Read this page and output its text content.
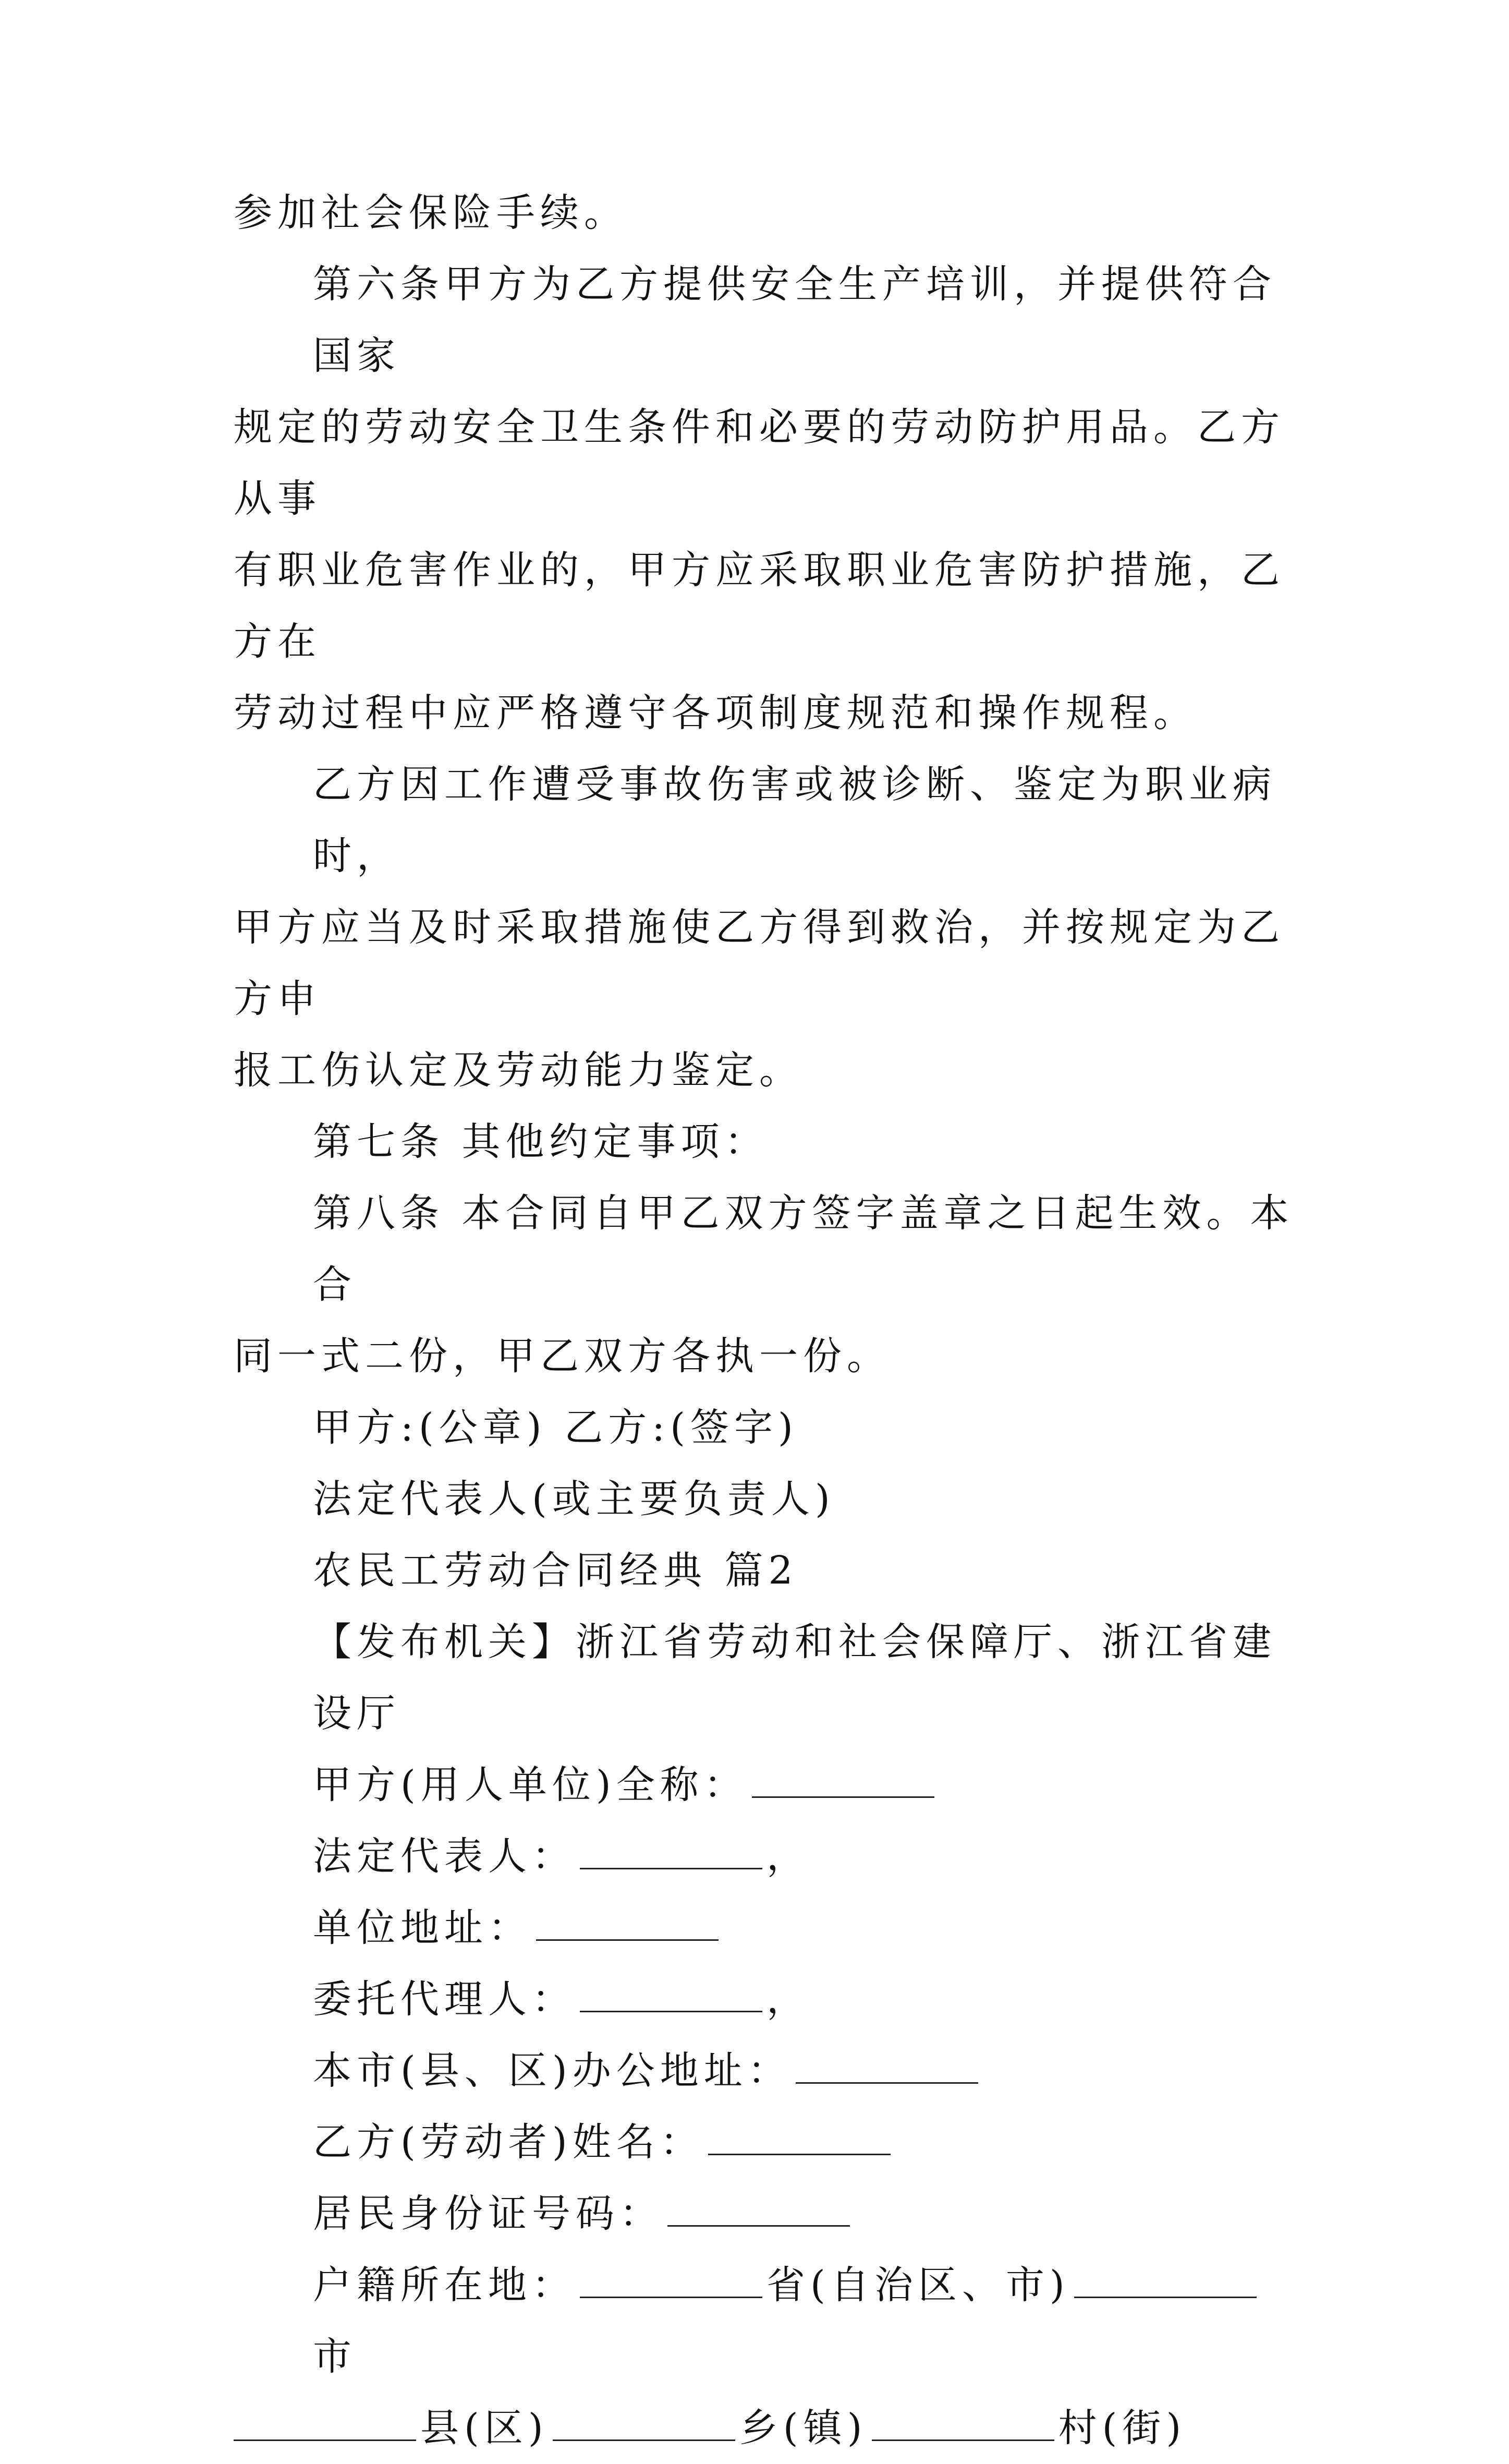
参加社会保险手续。

第六条甲方为乙方提供安全生产培训，并提供符合国家

规定的劳动安全卫生条件和必要的劳动防护用品。乙方从事

有职业危害作业的，甲方应采取职业危害防护措施，乙方在

劳动过程中应严格遵守各项制度规范和操作规程。

乙方因工作遭受事故伤害或被诊断、鉴定为职业病时，

甲方应当及时采取措施使乙方得到救治，并按规定为乙方申

报工伤认定及劳动能力鉴定。

第七条 其他约定事项：

第八条 本合同自甲乙双方签字盖章之日起生效。本合

同一式二份，甲乙双方各执一份。

甲方:(公章) 乙方:(签字)

法定代表人(或主要负责人)

农民工劳动合同经典 篇2

【发布机关】浙江省劳动和社会保障厅、浙江省建设厅

甲方(用人单位)全称：

法定代表人：	，

单位地址：

委托代理人：	，

本市(县、区)办公地址：

乙方(劳动者)姓名：

居民身份证号码：

户籍所在地：	省(自治区、市)市

县(区)	乡(镇)	村(街)
